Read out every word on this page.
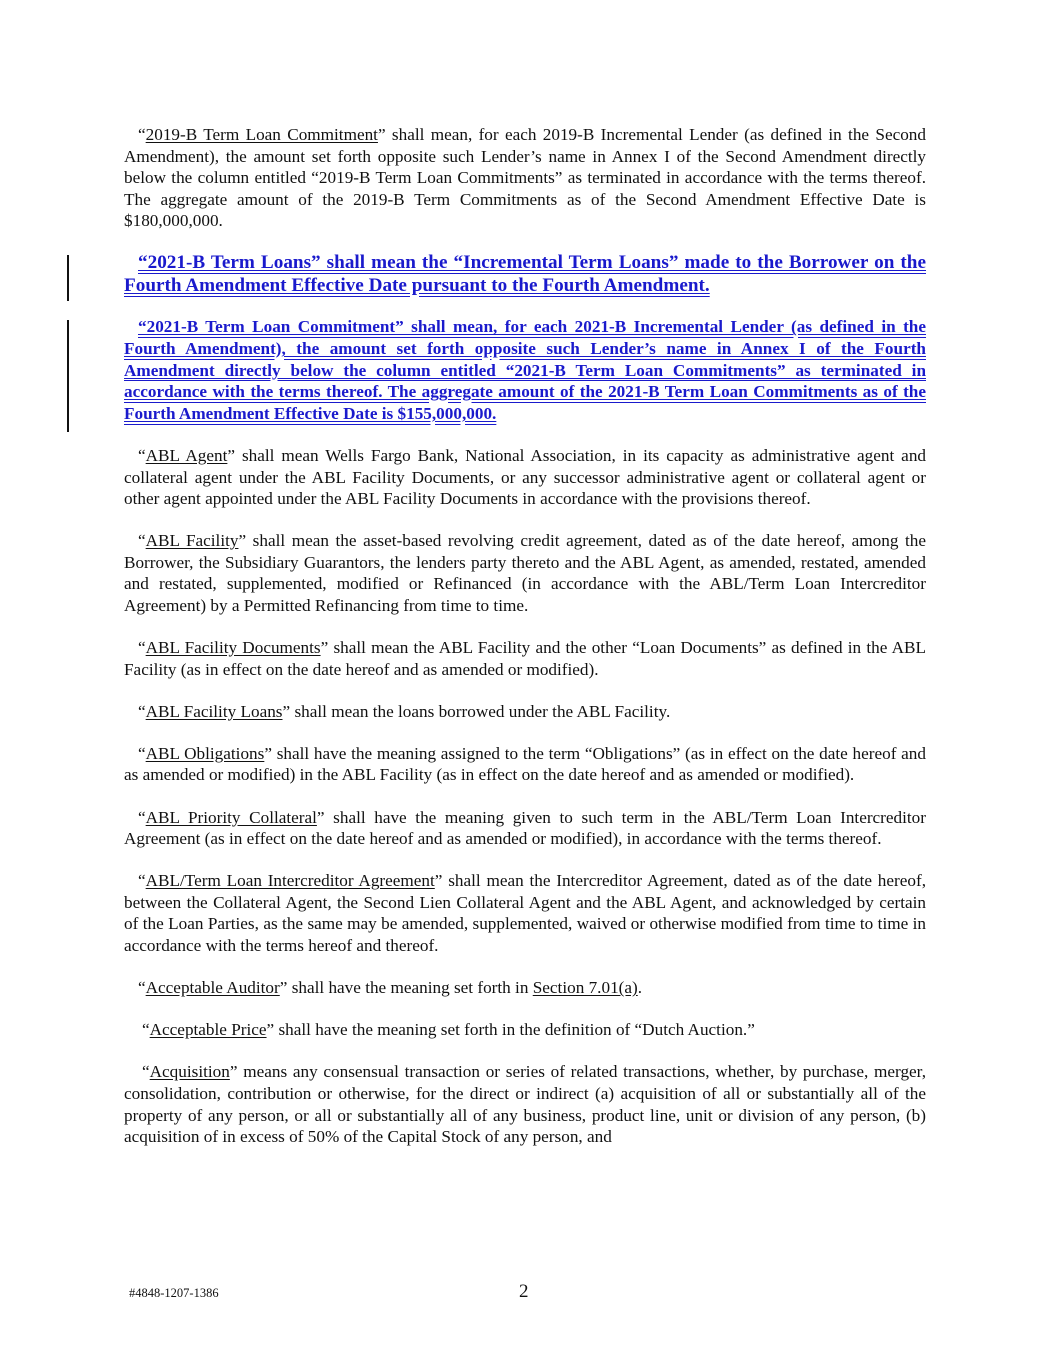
“2019-B Term Loan Commitment” shall mean, for each 2019-B Incremental Lender (as defined in the Second Amendment), the amount set forth opposite such Lender’s name in Annex I of the Second Amendment directly below the column entitled “2019-B Term Loan Commitments” as terminated in accordance with the terms thereof. The aggregate amount of the 2019-B Term Commitments as of the Second Amendment Effective Date is $180,000,000.

“2021-B Term Loans” shall mean the “Incremental Term Loans” made to the Borrower on the Fourth Amendment Effective Date pursuant to the Fourth Amendment.

“2021-B Term Loan Commitment” shall mean, for each 2021-B Incremental Lender (as defined in the Fourth Amendment), the amount set forth opposite such Lender’s name in Annex I of the Fourth Amendment directly below the column entitled “2021-B Term Loan Commitments” as terminated in accordance with the terms thereof. The aggregate amount of the 2021-B Term Loan Commitments as of the Fourth Amendment Effective Date is $155,000,000.

“ABL Agent” shall mean Wells Fargo Bank, National Association, in its capacity as administrative agent and collateral agent under the ABL Facility Documents, or any successor administrative agent or collateral agent or other agent appointed under the ABL Facility Documents in accordance with the provisions thereof.

“ABL Facility” shall mean the asset-based revolving credit agreement, dated as of the date hereof, among the Borrower, the Subsidiary Guarantors, the lenders party thereto and the ABL Agent, as amended, restated, amended and restated, supplemented, modified or Refinanced (in accordance with the ABL/Term Loan Intercreditor Agreement) by a Permitted Refinancing from time to time.

“ABL Facility Documents” shall mean the ABL Facility and the other “Loan Documents” as defined in the ABL Facility (as in effect on the date hereof and as amended or modified).

“ABL Facility Loans” shall mean the loans borrowed under the ABL Facility.

“ABL Obligations” shall have the meaning assigned to the term “Obligations” (as in effect on the date hereof and as amended or modified) in the ABL Facility (as in effect on the date hereof and as amended or modified).

“ABL Priority Collateral” shall have the meaning given to such term in the ABL/Term Loan Intercreditor Agreement (as in effect on the date hereof and as amended or modified), in accordance with the terms thereof.

“ABL/Term Loan Intercreditor Agreement” shall mean the Intercreditor Agreement, dated as of the date hereof, between the Collateral Agent, the Second Lien Collateral Agent and the ABL Agent, and acknowledged by certain of the Loan Parties, as the same may be amended, supplemented, waived or otherwise modified from time to time in accordance with the terms hereof and thereof.

“Acceptable Auditor” shall have the meaning set forth in Section 7.01(a).

“Acceptable Price” shall have the meaning set forth in the definition of “Dutch Auction.”

“Acquisition” means any consensual transaction or series of related transactions, whether, by purchase, merger, consolidation, contribution or otherwise, for the direct or indirect (a) acquisition of all or substantially all of the property of any person, or all or substantially all of any business, product line, unit or division of any person, (b) acquisition of in excess of 50% of the Capital Stock of any person, and

#4848-1207-1386	2
